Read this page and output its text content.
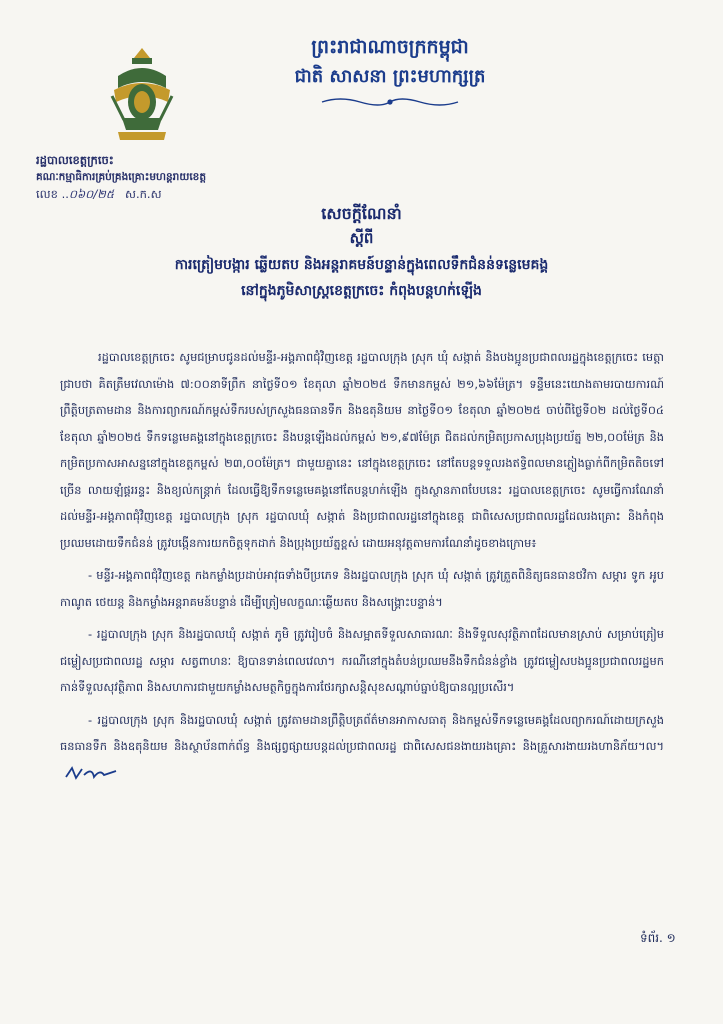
ព្រះរាជាណាចក្រកម្ពុជា
ជាតិ សាសនា ព្រះមហាក្សត្រ
រដ្ឋបាលខេត្តក្រចេះ
គណៈកម្មាធិការគ្រប់គ្រងគ្រោះមហន្តរាយខេត្ត
លេខ ..០៦០/២៥ ស.ក.ស
សេចក្តីណែនាំ
ស្តីពី
ការត្រៀមបង្ការ ឆ្លើយតប និងអន្តរាគមន៍បន្ទាន់ក្នុងពេលទឹកជំនន់ទន្លេមេគង្គ
នៅក្នុងភូមិសាស្ត្រខេត្តក្រចេះ កំពុងបន្តហក់ឡើង

រដ្ឋបាលខេត្តក្រចេះ សូមជម្រាបជូនដល់មន្ទីរ-អង្គភាពជុំវិញខេត្ត រដ្ឋបាលក្រុង ស្រុក ឃុំ សង្កាត់ និងបងប្អូនប្រជាពលរដ្ឋក្នុងខេត្តក្រចេះ មេត្តាជ្រាបថា គិតត្រឹមវេលាម៉ោង ៧:០០នាទីព្រឹក នាថ្ងៃទី០១ ខែតុលា ឆ្នាំ២០២៥ ទឹកមានកម្ពស់ ២១,៦៦ម៉ែត្រ។ ទន្ទឹមនេះយោងតាមរបាយការណ៍ព្រឹត្តិបត្រតាមដាន និងការព្យាករណ៍កម្ពស់ទឹករបស់ក្រសួងធនធានទឹក និងឧតុនិយម នាថ្ងៃទី០១ ខែតុលា ឆ្នាំ២០២៥ ចាប់ពីថ្ងៃទី០២ ដល់ថ្ងៃទី០៤ ខែតុលា ឆ្នាំ២០២៥ ទឹកទន្លេមេគង្គនៅក្នុងខេត្តក្រចេះ នឹងបន្តឡើងដល់កម្ពស់ ២១,៩៧ម៉ែត្រ ជិតដល់កម្រិតប្រកាសប្រុងប្រយ័ត្ន ២២,០០ម៉ែត្រ និងកម្រិតប្រកាសអាសន្ននៅក្នុងខេត្តកម្ពស់ ២៣,០០ម៉ែត្រ។ ជាមួយគ្នានេះ នៅក្នុងខេត្តក្រចេះ នៅតែបន្តទទួលរងឥទ្ធិពលមានភ្លៀងធ្លាក់ពីកម្រិតតិចទៅច្រើន លាយឡំផ្គររន្ទះ និងខ្យល់កន្ត្រាក់ ដែលធ្វើឱ្យទឹកទន្លេមេគង្គនៅតែបន្តហក់ឡើង ក្នុងស្ថានភាពបែបនេះ រដ្ឋបាលខេត្តក្រចេះ សូមធ្វើការណែនាំដល់មន្ទីរ-អង្គភាពជុំវិញខេត្ត រដ្ឋបាលក្រុង ស្រុក រដ្ឋបាលឃុំ សង្កាត់ និងប្រជាពលរដ្ឋនៅក្នុងខេត្ត ជាពិសេសប្រជាពលរដ្ឋដែលរងគ្រោះ និងកំពុងប្រឈមដោយទឹកជំនន់ ត្រូវបង្កើនការយកចិត្តទុកដាក់ និងប្រុងប្រយ័ត្នខ្ពស់ ដោយអនុវត្តតាមការណែនាំដូចខាងក្រោម៖

- មន្ទីរ-អង្គភាពជុំវិញខេត្ត កងកម្លាំងប្រដាប់អាវុធទាំងបីប្រភេទ និងរដ្ឋបាលក្រុង ស្រុក ឃុំ សង្កាត់ ត្រូវត្រួតពិនិត្យធនធានថវិកា សម្ភារ ទូក អូប កាណូត ថេយន្ត និងកម្លាំងអន្តរាគមន៍បន្ទាន់ ដើម្បីត្រៀមលក្ខណៈឆ្លើយតប និងសង្គ្រោះបន្ទាន់។

- រដ្ឋបាលក្រុង ស្រុក និងរដ្ឋបាលឃុំ សង្កាត់ ភូមិ ត្រូវរៀបចំ និងសម្អាតទីទួលសាធារណៈ និងទីទួលសុវត្ថិភាពដែលមានស្រាប់ សម្រាប់ត្រៀមជម្លៀសប្រជាពលរដ្ឋ សម្ភារ សត្វពាហនៈ ឱ្យបានទាន់ពេលវេលា។ ករណីនៅក្នុងតំបន់ប្រឈមនឹងទឹកជំនន់ខ្លាំង ត្រូវជម្លៀសបងប្អូនប្រជាពលរដ្ឋមកកាន់ទីទួលសុវត្ថិភាព និងសហការជាមួយកម្លាំងសមត្ថកិច្ចក្នុងការថែរក្សាសន្តិសុខសណ្តាប់ធ្នាប់ឱ្យបានល្អប្រសើរ។

- រដ្ឋបាលក្រុង ស្រុក និងរដ្ឋបាលឃុំ សង្កាត់ ត្រូវតាមដានព្រឹត្តិបត្រព័ត៌មានអាកាសធាតុ និងកម្ពស់ទឹកទន្លេមេគង្គដែលព្យាករណ៍ដោយក្រសួងធនធានទឹក និងឧតុនិយម និងស្ថាប័នពាក់ព័ន្ធ និងផ្សព្វផ្សាយបន្តដល់ប្រជាពលរដ្ឋ ជាពិសេសជនងាយរងគ្រោះ និងគ្រួសារងាយរងហានិភ័យ។ល។

ទំព័រ. ១
